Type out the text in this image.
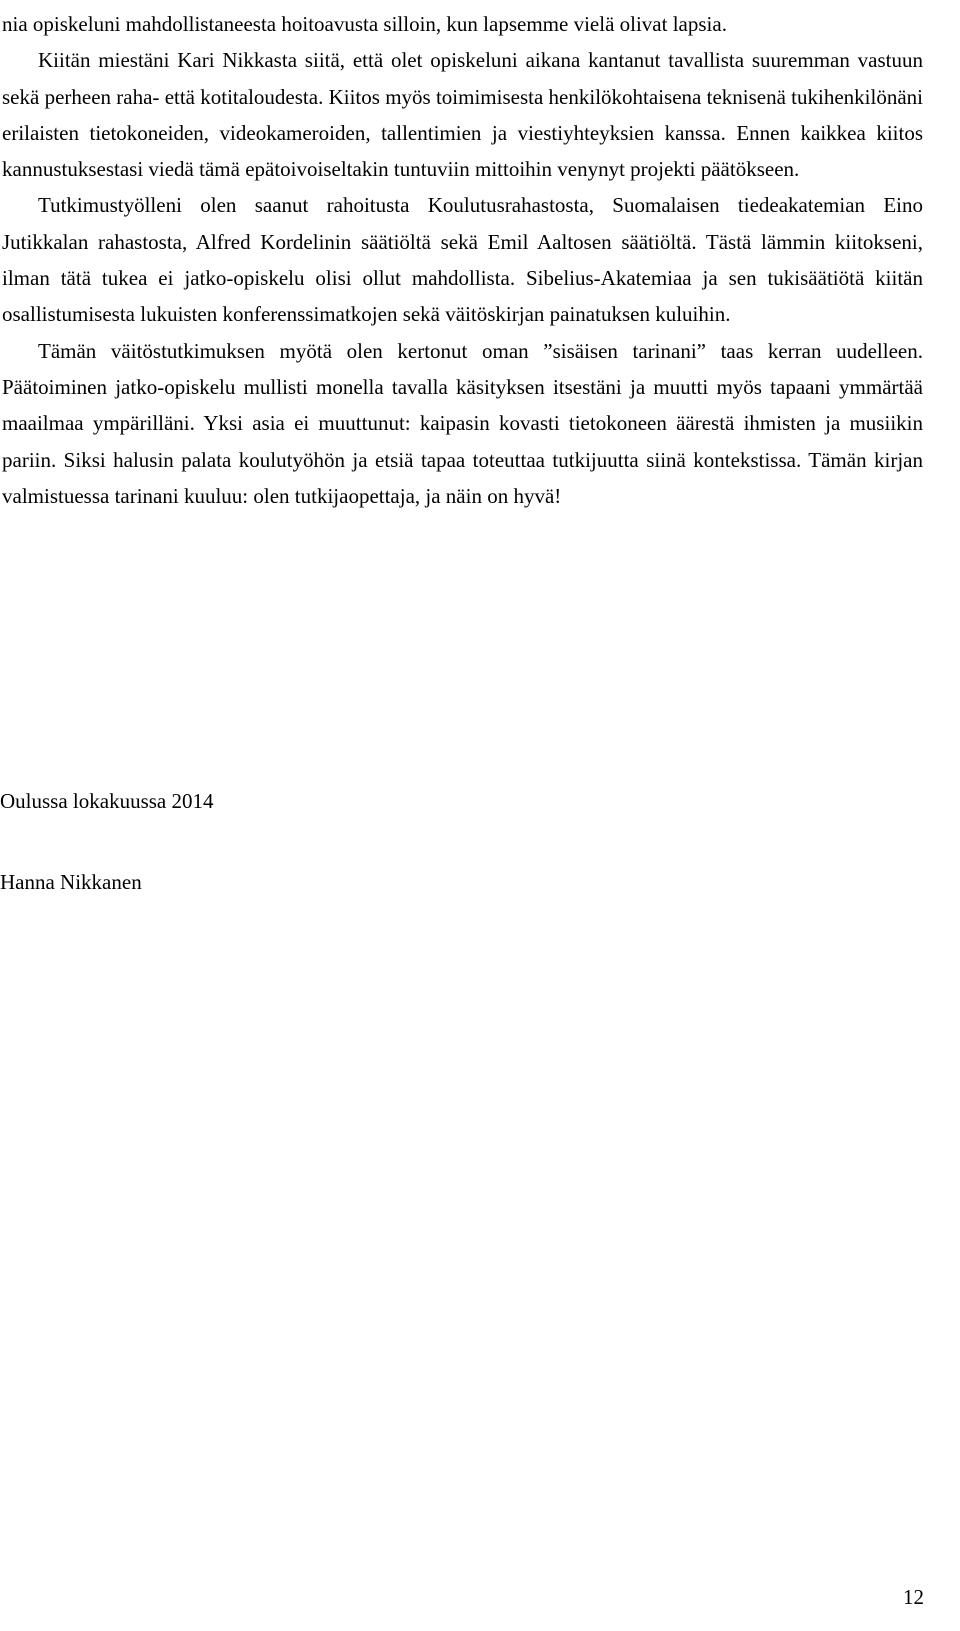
nia opiskeluni mahdollistaneesta hoitoavusta silloin, kun lapsemme vielä olivat lapsia.

Kiitän miestäni Kari Nikkasta siitä, että olet opiskeluni aikana kantanut tavallista suuremman vastuun sekä perheen raha- että kotitaloudesta. Kiitos myös toimimisesta henkilökohtaisena teknisenä tukihenkilönäni erilaisten tietokoneiden, videokameroiden, tallentimien ja viestiyhteyksien kanssa. Ennen kaikkea kiitos kannustuksestasi viedä tämä epätoivoiseltakin tuntuviin mittoihin venynyt projekti päätökseen.

Tutkimustyölleni olen saanut rahoitusta Koulutusrahastosta, Suomalaisen tiedeakatemian Eino Jutikkalan rahastosta, Alfred Kordelinin säätiöltä sekä Emil Aaltosen säätiöltä. Tästä lämmin kiitokseni, ilman tätä tukea ei jatko-opiskelu olisi ollut mahdollista. Sibelius-Akatemiaa ja sen tukisäätiötä kiitän osallistumisesta lukuisten konferenssimatkojen sekä väitöskirjan painatuksen kuluihin.

Tämän väitöstutkimuksen myötä olen kertonut oman ”sisäisen tarinani” taas kerran uudelleen. Päätoiminen jatko-opiskelu mullisti monella tavalla käsityksen itsestäni ja muutti myös tapaani ymmärtää maailmaa ympärilläni. Yksi asia ei muuttunut: kaipasin kovasti tietokoneen äärestä ihmisten ja musiikin pariin. Siksi halusin palata koulutyöhön ja etsiä tapaa toteuttaa tutkijuutta siinä kontekstissa. Tämän kirjan valmistuessa tarinani kuuluu: olen tutkijaopettaja, ja näin on hyvä!

Oulussa lokakuussa 2014

Hanna Nikkanen

12
